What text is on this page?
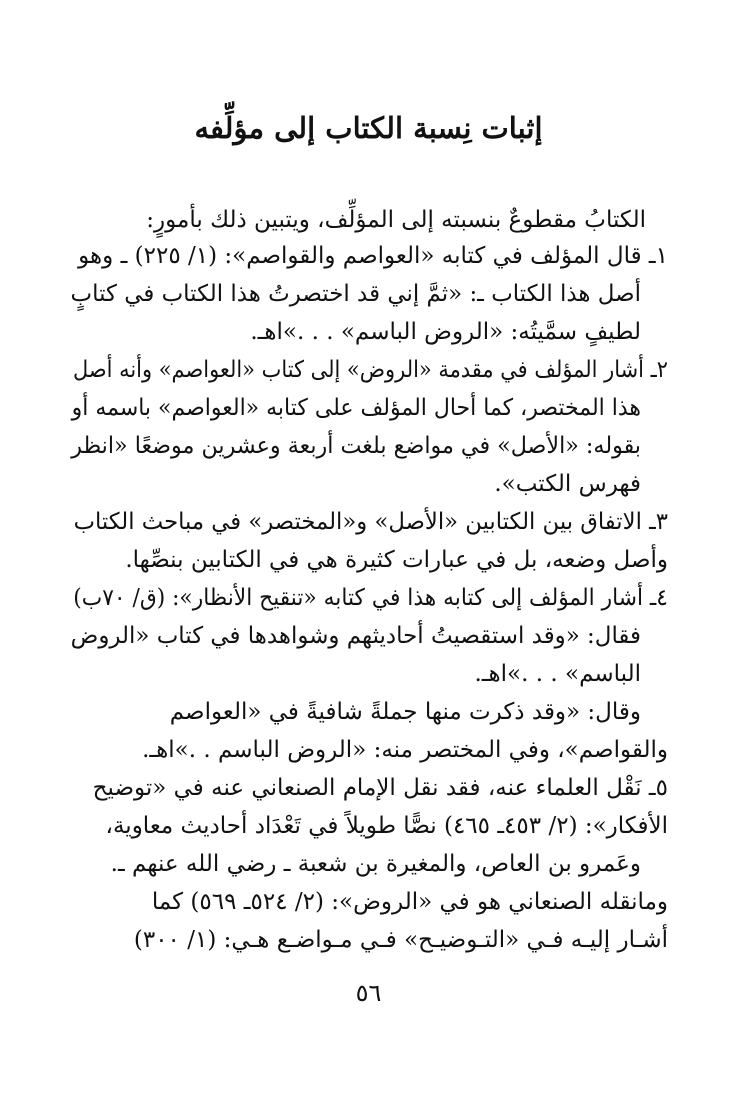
إثبات نِسبة الكتاب إلى مؤلِّفه
الكتابُ مقطوعٌ بنسبته إلى المؤلِّف، ويتبين ذلك بأمورٍ:
١ـ قال المؤلف في كتابه «العواصم والقواصم»: (١/ ٢٢٥) ـ وهو
أصل هذا الكتاب ـ: «ثمَّ إني قد اختصرتُ هذا الكتاب في كتابٍ
لطيفٍ سمَّيتُه: «الروض الباسم» . . .»اهـ.
٢ـ أشار المؤلف في مقدمة «الروض» إلى كتاب «العواصم» وأنه أصل
هذا المختصر، كما أحال المؤلف على كتابه «العواصم» باسمه أو
بقوله: «الأصل» في مواضع بلغت أربعة وعشرين موضعًا «انظر
فهرس الكتب».
٣ـ الاتفاق بين الكتابين «الأصل» و«المختصر» في مباحث الكتاب
وأصل وضعه، بل في عبارات كثيرة هي في الكتابين بنصِّها.
٤ـ أشار المؤلف إلى كتابه هذا في كتابه «تنقيح الأنظار»: (ق/ ٧٠ب)
فقال: «وقد استقصيتُ أحاديثهم وشواهدها في كتاب «الروض
الباسم» . . .»اهـ.
وقال: «وقد ذكرت منها جملةً شافيةً في «العواصم
والقواصم»، وفي المختصر منه: «الروض الباسم . .»اهـ.
٥ـ نَقْل العلماء عنه، فقد نقل الإمام الصنعاني عنه في «توضيح
الأفكار»: (٢/ ٤٥٣ـ ٤٦٥) نصًّا طويلاً في تَعْدَاد أحاديث معاوية،
وعَمرو بن العاص، والمغيرة بن شعبة ـ رضي الله عنهم ـ.
ومانقله الصنعاني هو في «الروض»: (٢/ ٥٢٤ـ ٥٦٩) كما
أشـار إليـه فـي «التـوضيـح» فـي مـواضـع هـي: (١/ ٣٠٠)
٥٦
